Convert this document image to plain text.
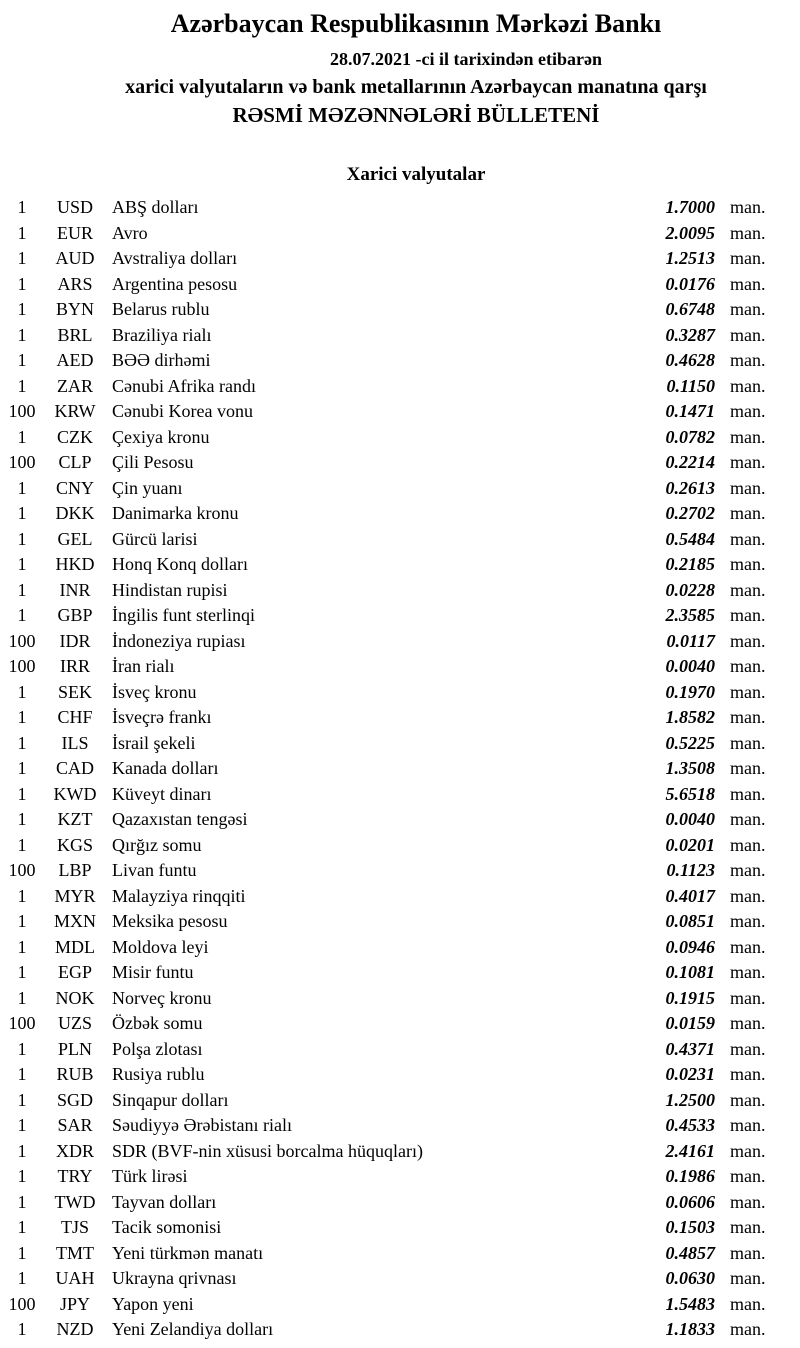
Azərbaycan Respublikasının Mərkəzi Bankı
28.07.2021 -ci il tarixindən etibarən
xarici valyutaların və bank metallarının Azərbaycan manatına qarşı
RƏSMİ MƏZƏNNƏLƏRİ BÜLLETENİ
Xarici valyutalar
1	USD	ABŞ dolları	1.7000 man.
1	EUR	Avro	2.0095 man.
1	AUD Avstraliya dolları	1.2513 man.
1	ARS	Argentina pesosu	0.0176 man.
1	BYN	Belarus rublu	0.6748 man.
1	BRL	Braziliya rialı	0.3287 man.
1	AED	BƏƏ dirhəmi	0.4628 man.
1	ZAR	Cənubi Afrika randı	0.1150 man.
100	KRW Cənubi Korea vonu	0.1471 man.
1	CZK	Çexiya kronu	0.0782 man.
100	CLP	Çili Pesosu	0.2214 man.
1	CNY	Çin yuanı	0.2613 man.
1	DKK Danimarka kronu	0.2702 man.
1	GEL	Gürcü larisi	0.5484 man.
1	HKD Honq Konq dolları	0.2185 man.
1	INR	Hindistan rupisi	0.0228 man.
1	GBP	İngilis funt sterlinqi	2.3585 man.
100	IDR	İndoneziya rupiası	0.0117 man.
100	IRR	İran rialı	0.0040 man.
1	SEK	İsveç kronu	0.1970 man.
1	CHF	İsveçrə frankı	1.8582 man.
1	ILS	İsrail şekeli	0.5225 man.
1	CAD	Kanada dolları	1.3508 man.
1	KWD Küveyt dinarı	5.6518 man.
1	KZT	Qazaxıstan tengəsi	0.0040 man.
1	KGS	Qırğız somu	0.0201 man.
100	LBP	Livan funtu	0.1123 man.
1	MYR Malayziya rinqqiti	0.4017 man.
1	MXN Meksika pesosu	0.0851 man.
1	MDL Moldova leyi	0.0946 man.
1	EGP	Misir funtu	0.1081 man.
1	NOK Norveç kronu	0.1915 man.
100	UZS	Özbək somu	0.0159 man.
1	PLN	Polşa zlotası	0.4371 man.
1	RUB	Rusiya rublu	0.0231 man.
1	SGD	Sinqapur dolları	1.2500 man.
1	SAR	Səudiyyə Ərəbistanı rialı	0.4533 man.
1	XDR	SDR (BVF-nin xüsusi borcalma hüquqları)	2.4161 man.
1	TRY	Türk lirəsi	0.1986 man.
1	TWD Tayvan dolları	0.0606 man.
1	TJS	Tacik somonisi	0.1503 man.
1	TMT	Yeni türkmən manatı	0.4857 man.
1	UAH Ukrayna qrivnası	0.0630 man.
100	JPY	Yapon yeni	1.5483 man.
1	NZD	Yeni Zelandiya dolları	1.1833 man.
